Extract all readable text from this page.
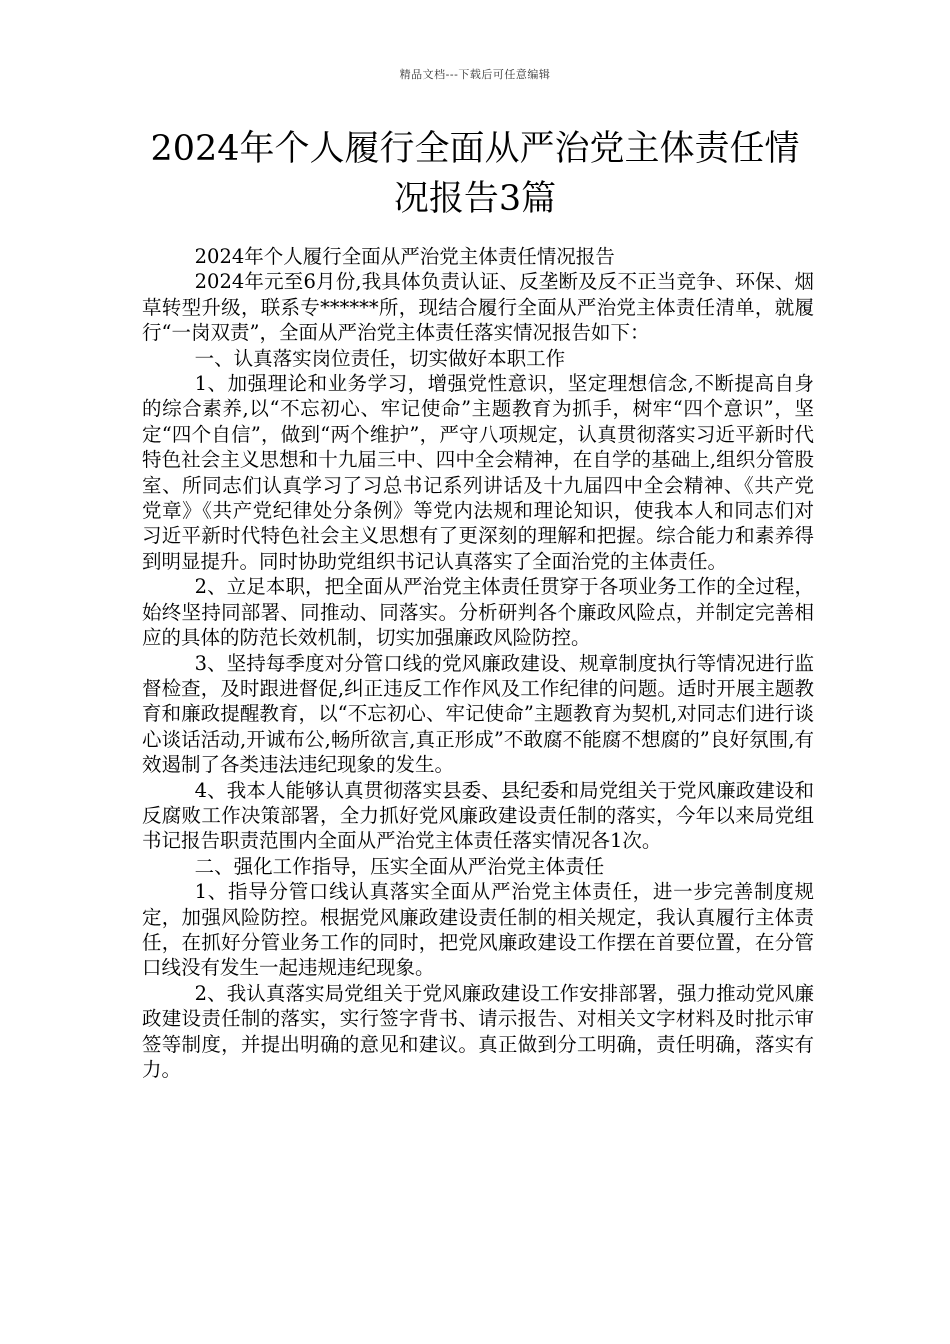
精品文档---下载后可任意编辑
2024年个人履行全面从严治党主体责任情况报告3篇

2024年个人履行全面从严治党主体责任情况报告

2024年元至6月份,我具体负责认证、反垄断及反不正当竞争、环保、烟草转型升级，联系专******所，现结合履行全面从严治党主体责任清单，就履行“一岗双责”，全面从严治党主体责任落实情况报告如下：

一、认真落实岗位责任，切实做好本职工作

1、加强理论和业务学习，增强党性意识，坚定理想信念,不断提高自身的综合素养,以“不忘初心、牢记使命”主题教育为抓手，树牢“四个意识”，坚定“四个自信”，做到“两个维护”，严守八项规定，认真贯彻落实习近平新时代特色社会主义思想和十九届三中、四中全会精神，在自学的基础上,组织分管股室、所同志们认真学习了习总书记系列讲话及十九届四中全会精神、《共产党党章》《共产党纪律处分条例》等党内法规和理论知识，使我本人和同志们对习近平新时代特色社会主义思想有了更深刻的理解和把握。综合能力和素养得到明显提升。同时协助党组织书记认真落实了全面治党的主体责任。

2、立足本职，把全面从严治党主体责任贯穿于各项业务工作的全过程，始终坚持同部署、同推动、同落实。分析研判各个廉政风险点，并制定完善相应的具体的防范长效机制，切实加强廉政风险防控。

3、坚持每季度对分管口线的党风廉政建设、规章制度执行等情况进行监督检查，及时跟进督促,纠正违反工作作风及工作纪律的问题。适时开展主题教育和廉政提醒教育，以“不忘初心、牢记使命”主题教育为契机,对同志们进行谈心谈话活动,开诚布公,畅所欲言,真正形成”不敢腐不能腐不想腐的”良好氛围,有效遏制了各类违法违纪现象的发生。

4、我本人能够认真贯彻落实县委、县纪委和局党组关于党风廉政建设和反腐败工作决策部署，全力抓好党风廉政建设责任制的落实，今年以来局党组书记报告职责范围内全面从严治党主体责任落实情况各1次。

二、强化工作指导，压实全面从严治党主体责任

1、指导分管口线认真落实全面从严治党主体责任，进一步完善制度规定，加强风险防控。根据党风廉政建设责任制的相关规定，我认真履行主体责任，在抓好分管业务工作的同时，把党风廉政建设工作摆在首要位置，在分管口线没有发生一起违规违纪现象。

2、我认真落实局党组关于党风廉政建设工作安排部署，强力推动党风廉政建设责任制的落实，实行签字背书、请示报告、对相关文字材料及时批示审签等制度，并提出明确的意见和建议。真正做到分工明确，责任明确，落实有力。
